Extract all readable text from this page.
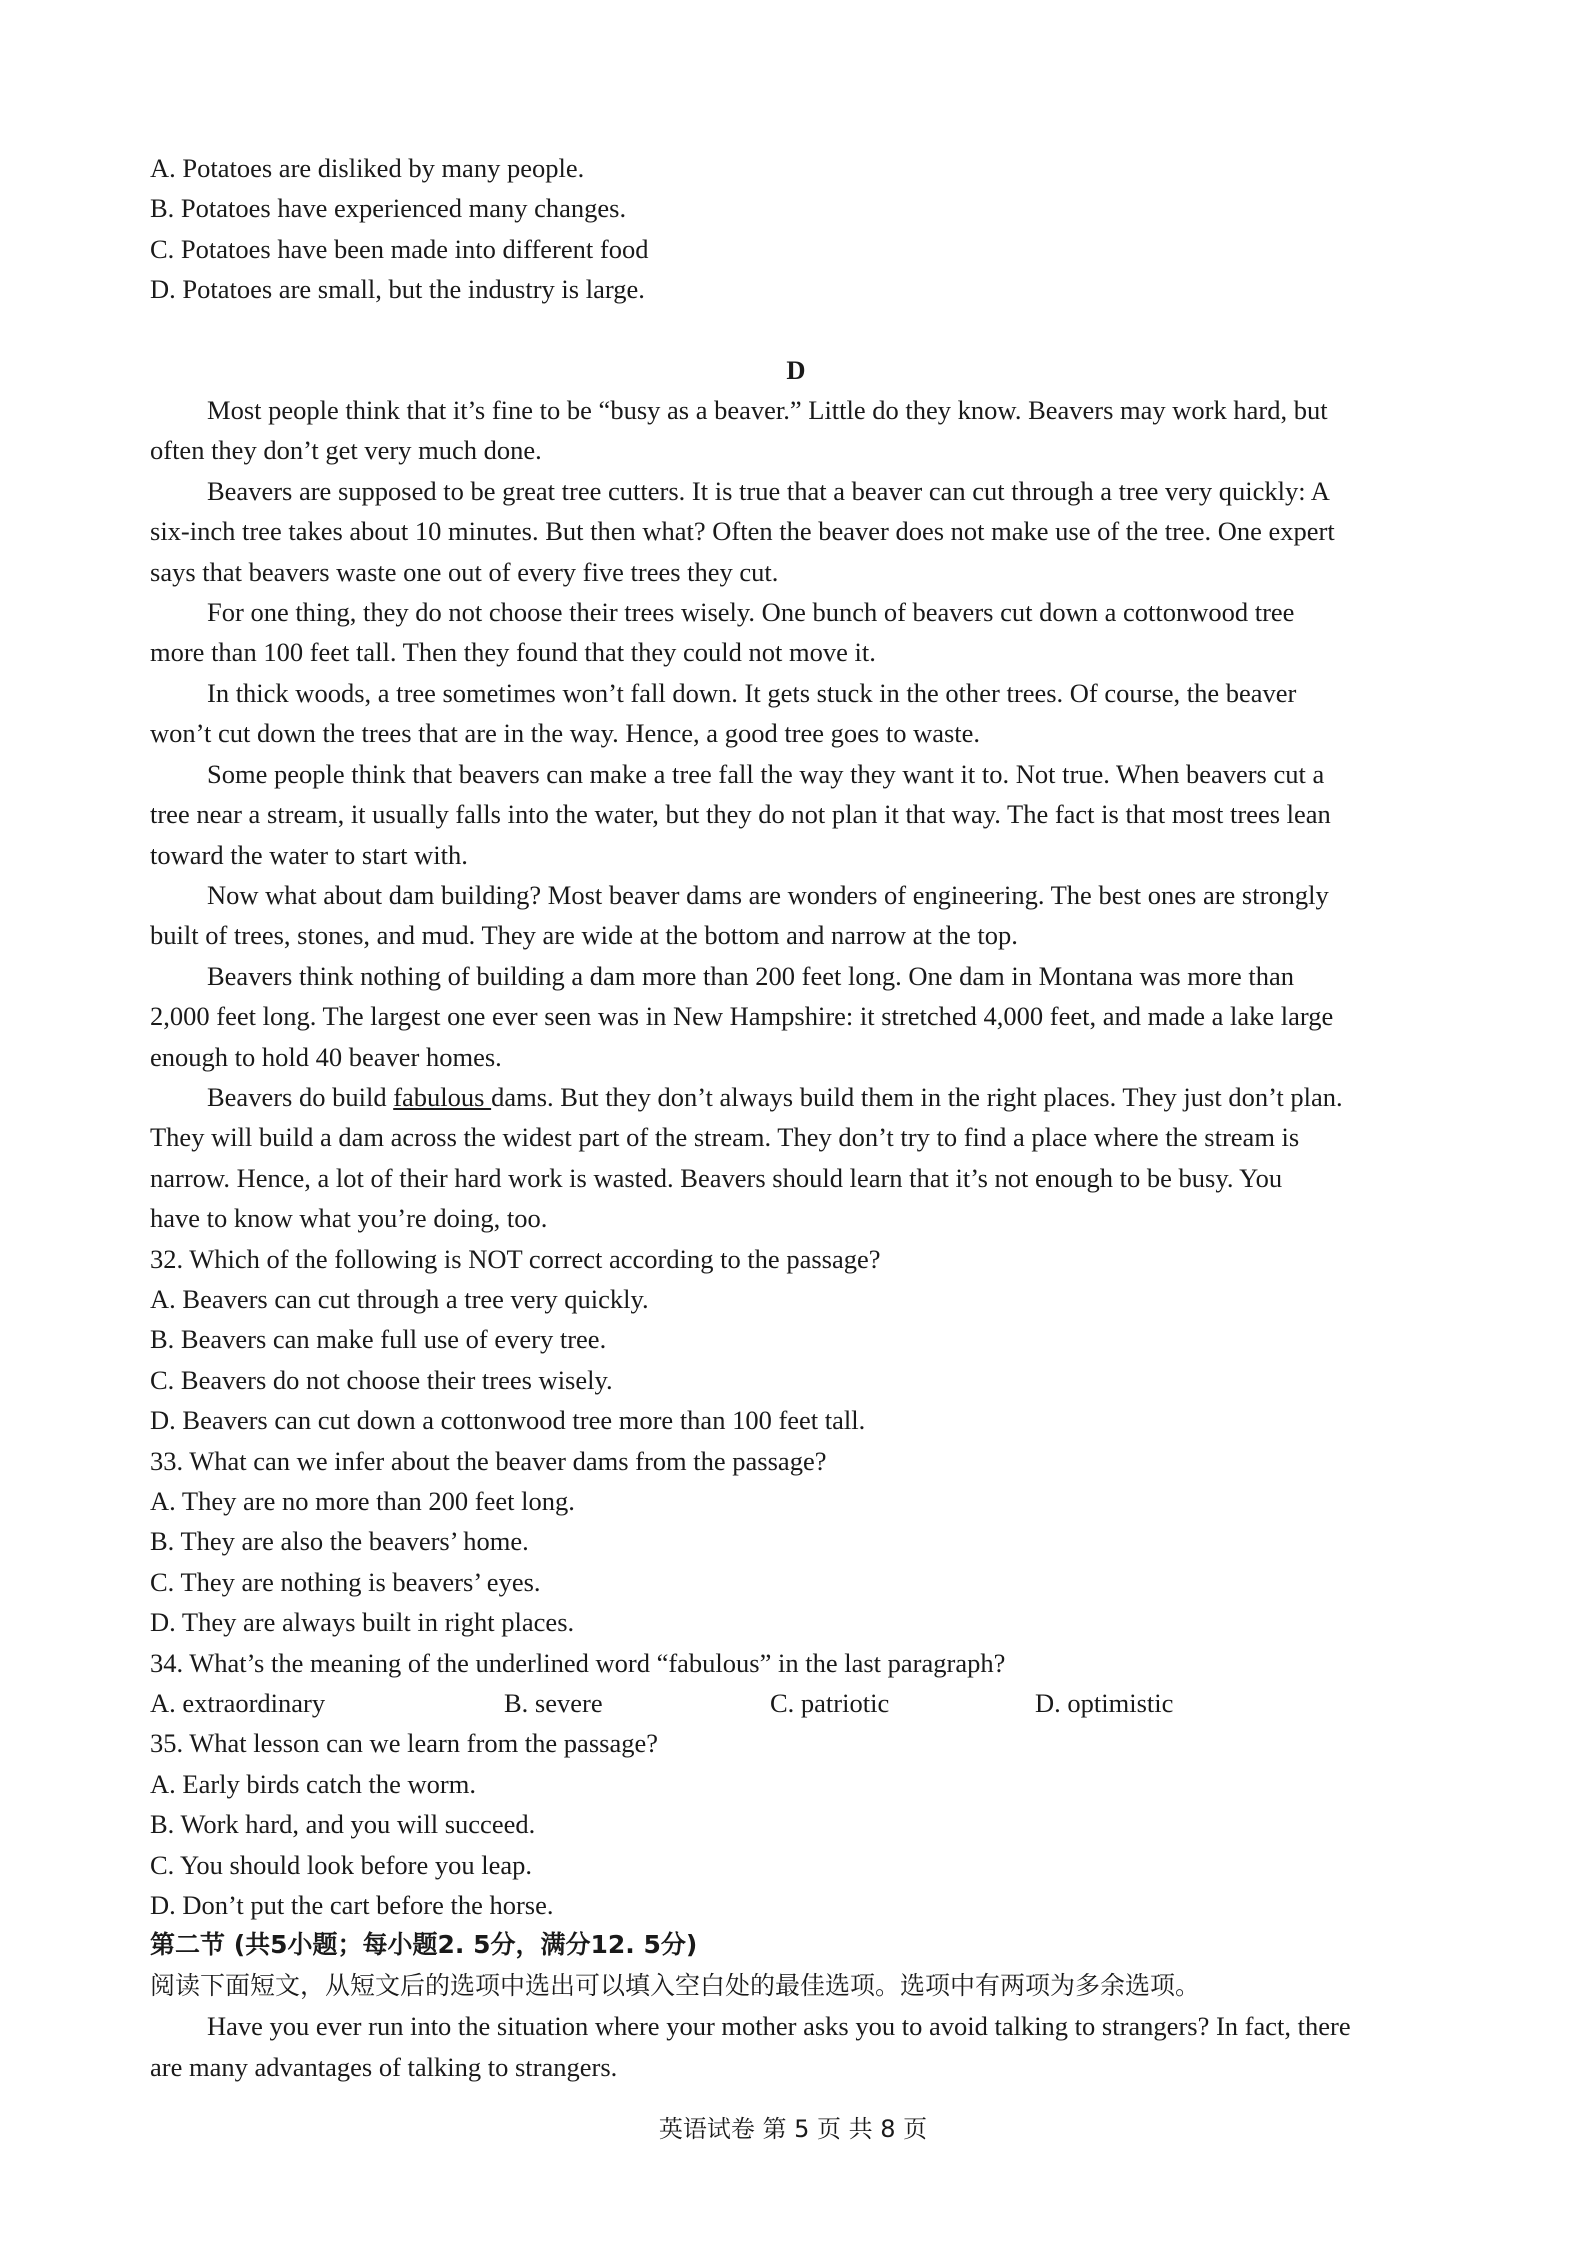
A. Potatoes are disliked by many people.
B. Potatoes have experienced many changes.
C. Potatoes have been made into different food
D. Potatoes are small, but the industry is large.
D
Most people think that it’s fine to be “busy as a beaver.” Little do they know. Beavers may work hard, but
often they don’t get very much done.
Beavers are supposed to be great tree cutters. It is true that a beaver can cut through a tree very quickly: A
six-inch tree takes about 10 minutes. But then what? Often the beaver does not make use of the tree. One expert
says that beavers waste one out of every five trees they cut.
For one thing, they do not choose their trees wisely. One bunch of beavers cut down a cottonwood tree
more than 100 feet tall. Then they found that they could not move it.
In thick woods, a tree sometimes won’t fall down. It gets stuck in the other trees. Of course, the beaver
won’t cut down the trees that are in the way. Hence, a good tree goes to waste.
Some people think that beavers can make a tree fall the way they want it to. Not true. When beavers cut a
tree near a stream, it usually falls into the water, but they do not plan it that way. The fact is that most trees lean
toward the water to start with.
Now what about dam building? Most beaver dams are wonders of engineering. The best ones are strongly
built of trees, stones, and mud. They are wide at the bottom and narrow at the top.
Beavers think nothing of building a dam more than 200 feet long. One dam in Montana was more than
2,000 feet long. The largest one ever seen was in New Hampshire: it stretched 4,000 feet, and made a lake large
enough to hold 40 beaver homes.
Beavers do build fabulous dams. But they don’t always build them in the right places. They just don’t plan.
They will build a dam across the widest part of the stream. They don’t try to find a place where the stream is
narrow. Hence, a lot of their hard work is wasted. Beavers should learn that it’s not enough to be busy. You
have to know what you’re doing, too.
32. Which of the following is NOT correct according to the passage?
A. Beavers can cut through a tree very quickly.
B. Beavers can make full use of every tree.
C. Beavers do not choose their trees wisely.
D. Beavers can cut down a cottonwood tree more than 100 feet tall.
33. What can we infer about the beaver dams from the passage?
A. They are no more than 200 feet long.
B. They are also the beavers’ home.
C. They are nothing is beavers’ eyes.
D. They are always built in right places.
34. What’s the meaning of the underlined word “fabulous” in the last paragraph?
A. extraordinary	B. severe	C. patriotic	D. optimistic
35. What lesson can we learn from the passage?
A. Early birds catch the worm.
B. Work hard, and you will succeed.
C. You should look before you leap.
D. Don’t put the cart before the horse.
第二节 (共5小题；每小题2. 5分，满分12. 5分)
阅读下面短文，从短文后的选项中选出可以填入空白处的最佳选项。选项中有两项为多余选项。
Have you ever run into the situation where your mother asks you to avoid talking to strangers? In fact, there
are many advantages of talking to strangers.
英语试卷 第 5 页 共 8 页
